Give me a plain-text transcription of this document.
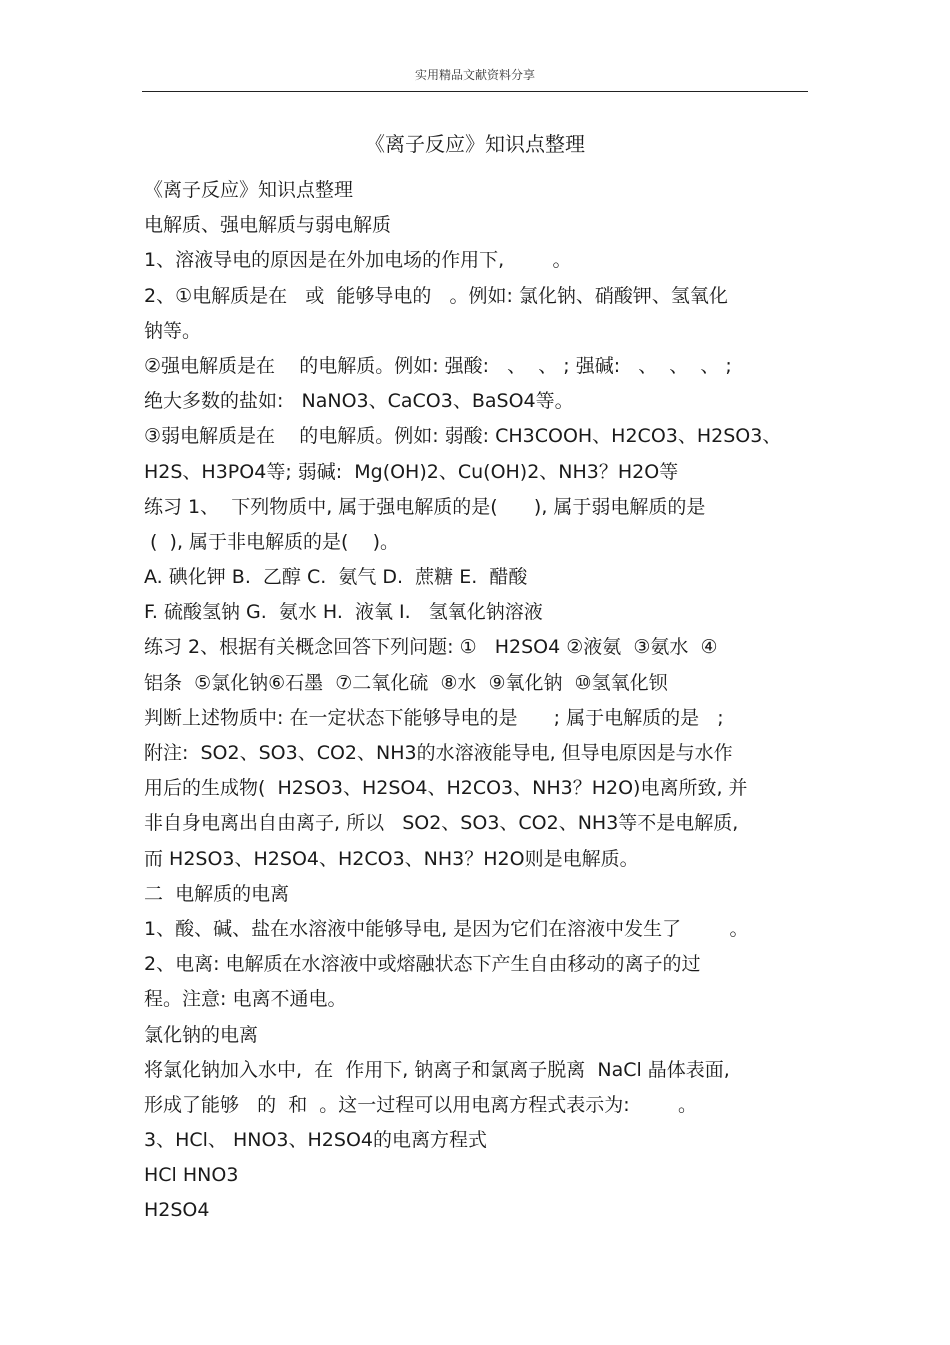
实用精品文献资料分享
《离子反应》知识点整理
《离子反应》知识点整理
电解质、强电解质与弱电解质
1、溶液导电的原因是在外加电场的作用下,        。
2、①电解质是在   或  能够导电的   。例如: 氯化钠、硝酸钾、氢氧化
钠等。
②强电解质是在    的电解质。例如: 强酸:   、  、 ; 强碱:   、  、  、 ;
绝大多数的盐如:   NaNO3、CaCO3、BaSO4等。
③弱电解质是在    的电解质。例如: 弱酸: CH3COOH、H2CO3、H2SO3、
H2S、H3PO4等; 弱碱:  Mg(OH)2、Cu(OH)2、NH3？H2O等
练习 1、  下列物质中, 属于强电解质的是(      ), 属于弱电解质的是
(  ), 属于非电解质的是(    )。
A. 碘化钾 B.  乙醇 C.  氨气 D.  蔗糖 E.  醋酸
F. 硫酸氢钠 G.  氨水 H.  液氧 I.   氢氧化钠溶液
练习 2、根据有关概念回答下列问题: ①   H2SO4 ②液氨  ③氨水  ④
铝条  ⑤氯化钠⑥石墨  ⑦二氧化硫  ⑧水  ⑨氧化钠  ⑩氢氧化钡
判断上述物质中: 在一定状态下能够导电的是      ; 属于电解质的是   ;
附注:  SO2、SO3、CO2、NH3的水溶液能导电, 但导电原因是与水作
用后的生成物(  H2SO3、H2SO4、H2CO3、NH3？H2O)电离所致, 并
非自身电离出自由离子, 所以   SO2、SO3、CO2、NH3等不是电解质,
而 H2SO3、H2SO4、H2CO3、NH3？H2O则是电解质。
二  电解质的电离
1、酸、碱、盐在水溶液中能够导电, 是因为它们在溶液中发生了        。
2、电离: 电解质在水溶液中或熔融状态下产生自由移动的离子的过
程。注意: 电离不通电。
氯化钠的电离
将氯化钠加入水中,  在  作用下, 钠离子和氯离子脱离  NaCl 晶体表面,
形成了能够   的  和  。这一过程可以用电离方程式表示为:        。
3、HCl、 HNO3、H2SO4的电离方程式
HCl HNO3
H2SO4
